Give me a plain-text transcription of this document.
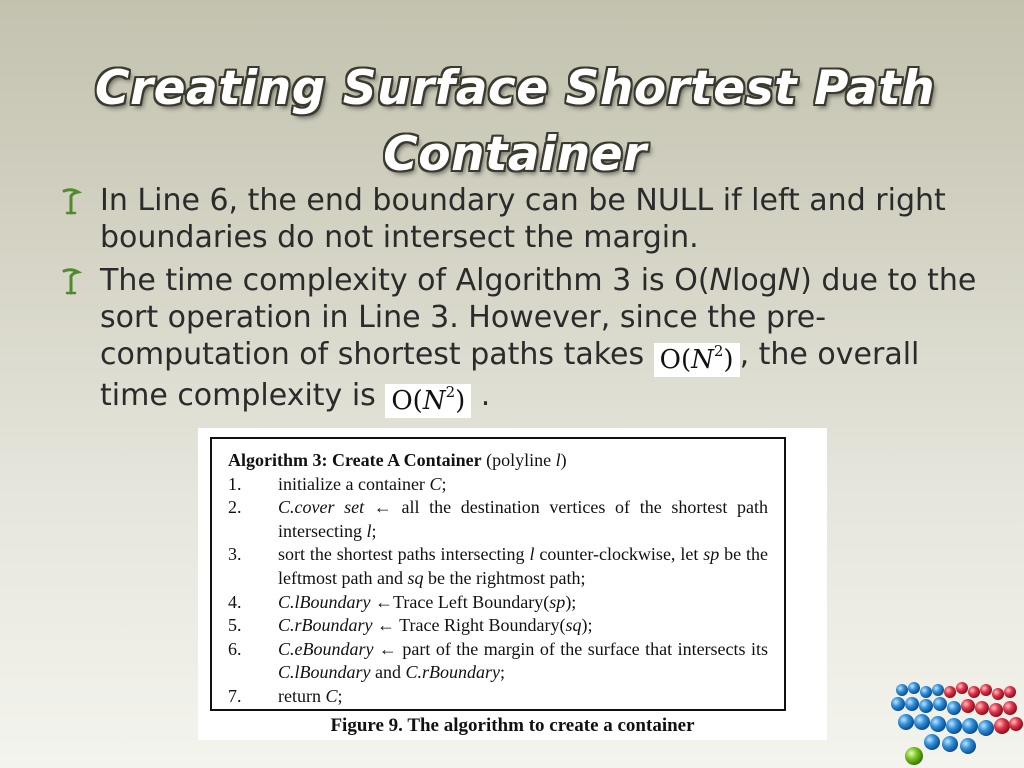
Creating Surface Shortest Path
Container
In Line 6, the end boundary can be NULL if left and right boundaries do not intersect the margin.
The time complexity of Algorithm 3 is O(NlogN) due to the sort operation in Line 3. However, since the pre-computation of shortest paths takes $O(N^2)$ , the overall time complexity is $O(N^2)$ .
Algorithm 3: Create A Container (polyline l)
1.	initialize a container C;
2.	C.cover set ← all the destination vertices of the shortest path intersecting l;
3.	sort the shortest paths intersecting l counter-clockwise, let sp be the leftmost path and sq be the rightmost path;
4.	C.lBoundary ←Trace Left Boundary(sp);
5.	C.rBoundary ← Trace Right Boundary(sq);
6.	C.eBoundary ← part of the margin of the surface that intersects its C.lBoundary and C.rBoundary;
7.	return C;
Figure 9. The algorithm to create a container
